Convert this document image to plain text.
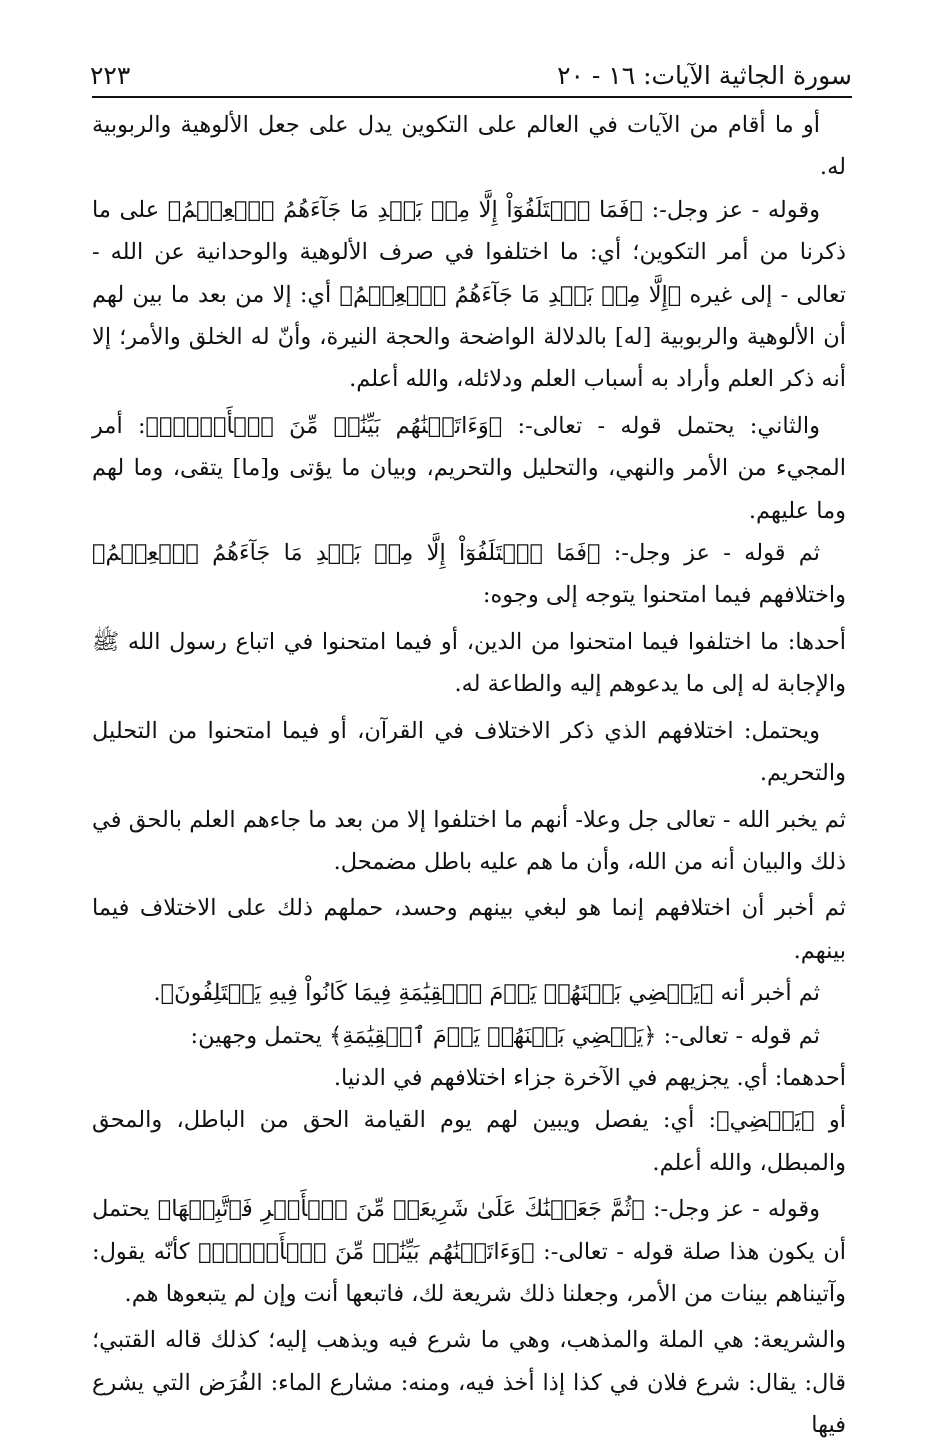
سورة الجاثية الآيات: ١٦ - ٢٠
٢٢٣

أو ما أقام من الآيات في العالم على التكوين يدل على جعل الألوهية والربوبية له.

وقوله - عز وجل-: ﴿فَمَا ٱخۡتَلَفُوٓاْ إِلَّا مِنۢ بَعۡدِ مَا جَآءَهُمُ ٱلۡعِلۡمُ﴾ على ما ذكرنا من أمر التكوين؛ أي: ما اختلفوا في صرف الألوهية والوحدانية عن الله - تعالى - إلى غيره ﴿إِلَّا مِنۢ بَعۡدِ مَا جَآءَهُمُ ٱلۡعِلۡمُ﴾ أي: إلا من بعد ما بين لهم أن الألوهية والربوبية [له] بالدلالة الواضحة والحجة النيرة، وأنّ له الخلق والأمر؛ إلا أنه ذكر العلم وأراد به أسباب العلم ودلائله، والله أعلم.

والثاني: يحتمل قوله - تعالى-: ﴿وَءَاتَيۡنَٰهُم بَيِّنَٰتٖ مِّنَ ٱلۡأَمۡرِۖ﴾: أمر المجيء من الأمر والنهي، والتحليل والتحريم، وبيان ما يؤتى و[ما] يتقى، وما لهم وما عليهم.

ثم قوله - عز وجل-: ﴿فَمَا ٱخۡتَلَفُوٓاْ إِلَّا مِنۢ بَعۡدِ مَا جَآءَهُمُ ٱلۡعِلۡمُ﴾ واختلافهم فيما امتحنوا يتوجه إلى وجوه:

أحدها: ما اختلفوا فيما امتحنوا من الدين، أو فيما امتحنوا في اتباع رسول الله ﷺ والإجابة له إلى ما يدعوهم إليه والطاعة له.

ويحتمل: اختلافهم الذي ذكر الاختلاف في القرآن، أو فيما امتحنوا من التحليل والتحريم.

ثم يخبر الله - تعالى جل وعلا- أنهم ما اختلفوا إلا من بعد ما جاءهم العلم بالحق في ذلك والبيان أنه من الله، وأن ما هم عليه باطل مضمحل.

ثم أخبر أن اختلافهم إنما هو لبغي بينهم وحسد، حملهم ذلك على الاختلاف فيما بينهم.

ثم أخبر أنه ﴿يَقۡضِي بَيۡنَهُمۡ يَوۡمَ ٱلۡقِيَٰمَةِ فِيمَا كَانُواْ فِيهِ يَخۡتَلِفُونَ﴾.

ثم قوله - تعالى-: ﴿يَقۡضِي بَيۡنَهُمۡ يَوۡمَ ٱلۡقِيَٰمَةِ﴾ يحتمل وجهين:

أحدهما: أي. يجزيهم في الآخرة جزاء اختلافهم في الدنيا.

أو ﴿يَقۡضِي﴾: أي: يفصل ويبين لهم يوم القيامة الحق من الباطل، والمحق والمبطل، والله أعلم.

وقوله - عز وجل-: ﴿ثُمَّ جَعَلۡنَٰكَ عَلَىٰ شَرِيعَةٖ مِّنَ ٱلۡأَمۡرِ فَٱتَّبِعۡهَا﴾ يحتمل أن يكون هذا صلة قوله - تعالى-: ﴿وَءَاتَيۡنَٰهُم بَيِّنَٰتٖ مِّنَ ٱلۡأَمۡرِۖ﴾ كأنّه يقول: وآتيناهم بينات من الأمر، وجعلنا ذلك شريعة لك، فاتبعها أنت وإن لم يتبعوها هم.

والشريعة: هي الملة والمذهب، وهي ما شرع فيه ويذهب إليه؛ كذلك قاله القتبي؛ قال: يقال: شرع فلان في كذا إذا أخذ فيه، ومنه: مشارع الماء: الفُرَض التي يشرع فيها
